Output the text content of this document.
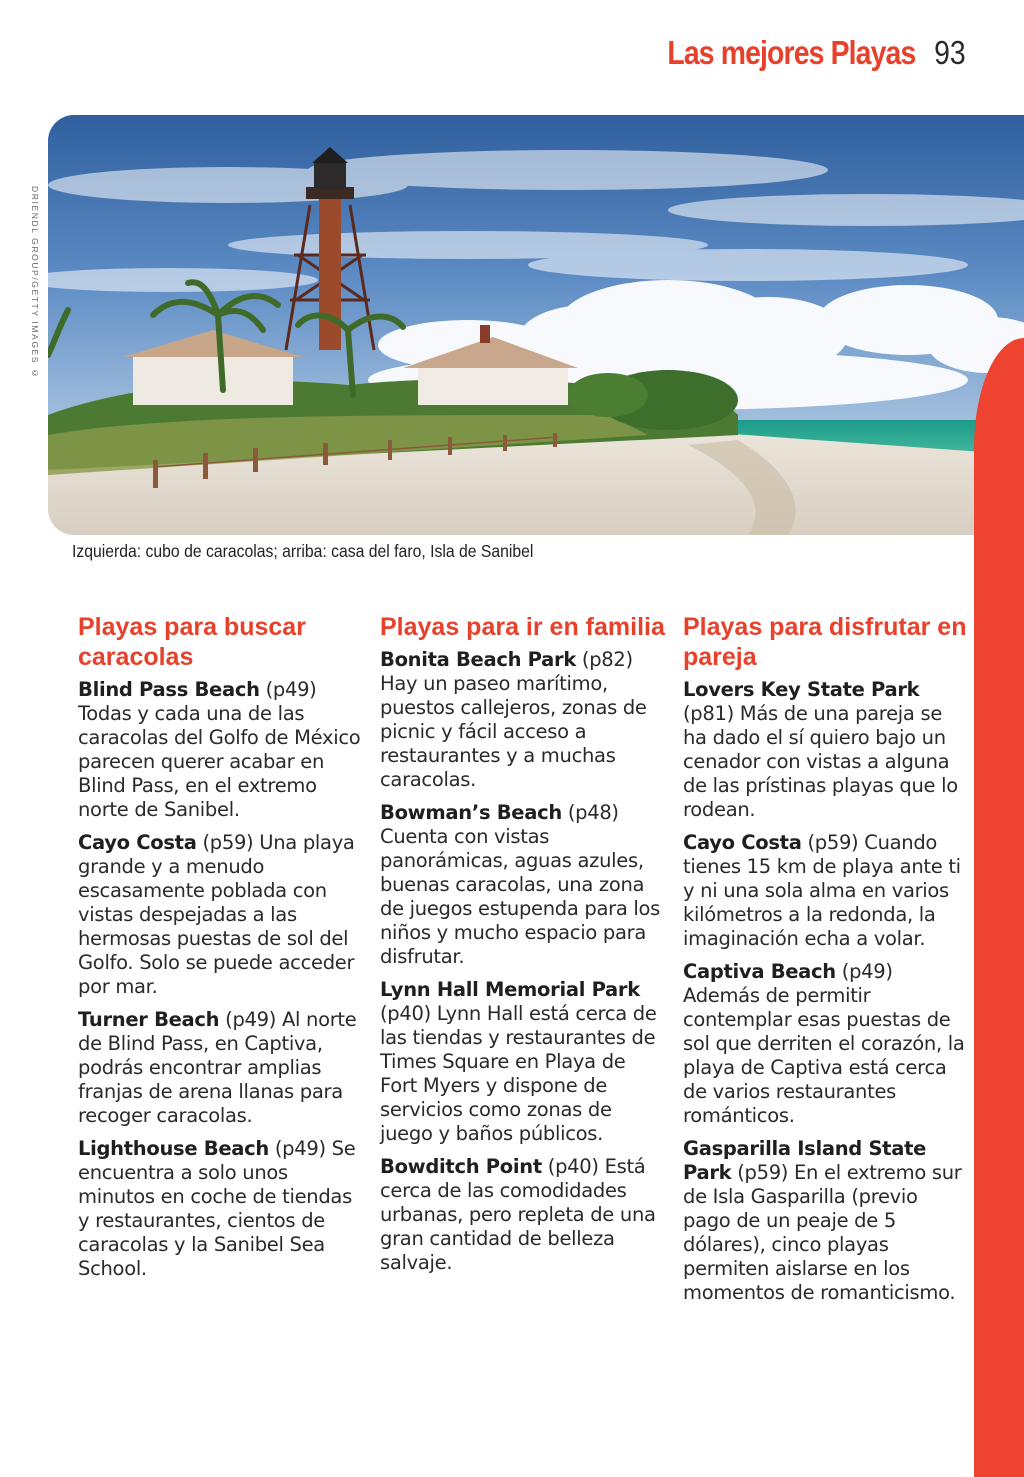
Las mejores Playas 93
DRIENDL GROUP/GETTY IMAGES ©
Izquierda: cubo de caracolas; arriba: casa del faro, Isla de Sanibel
Playas para buscar caracolas

Blind Pass Beach (p49) Todas y cada una de las caracolas del Golfo de México parecen querer acabar en Blind Pass, en el extremo norte de Sanibel.

Cayo Costa (p59) Una playa grande y a menudo escasamente poblada con vistas despejadas a las hermosas puestas de sol del Golfo. Solo se puede acceder por mar.

Turner Beach (p49) Al norte de Blind Pass, en Captiva, podrás encontrar amplias franjas de arena llanas para recoger caracolas.

Lighthouse Beach (p49) Se encuentra a solo unos minutos en coche de tiendas y restaurantes, cientos de caracolas y la Sanibel Sea School.

Playas para ir en familia

Bonita Beach Park (p82) Hay un paseo marítimo, puestos callejeros, zonas de picnic y fácil acceso a restaurantes y a muchas caracolas.

Bowman’s Beach (p48) Cuenta con vistas panorámicas, aguas azules, buenas caracolas, una zona de juegos estupenda para los niños y mucho espacio para disfrutar.

Lynn Hall Memorial Park (p40) Lynn Hall está cerca de las tiendas y restaurantes de Times Square en Playa de Fort Myers y dispone de servicios como zonas de juego y baños públicos.

Bowditch Point (p40) Está cerca de las comodidades urbanas, pero repleta de una gran cantidad de belleza salvaje.

Playas para disfrutar en pareja

Lovers Key State Park (p81) Más de una pareja se ha dado el sí quiero bajo un cenador con vistas a alguna de las prístinas playas que lo rodean.

Cayo Costa (p59) Cuando tienes 15 km de playa ante ti y ni una sola alma en varios kilómetros a la redonda, la imaginación echa a volar.

Captiva Beach (p49) Además de permitir contemplar esas puestas de sol que derriten el corazón, la playa de Captiva está cerca de varios restaurantes románticos.

Gasparilla Island State Park (p59) En el extremo sur de Isla Gasparilla (previo pago de un peaje de 5 dólares), cinco playas permiten aislarse en los momentos de romanticismo.
